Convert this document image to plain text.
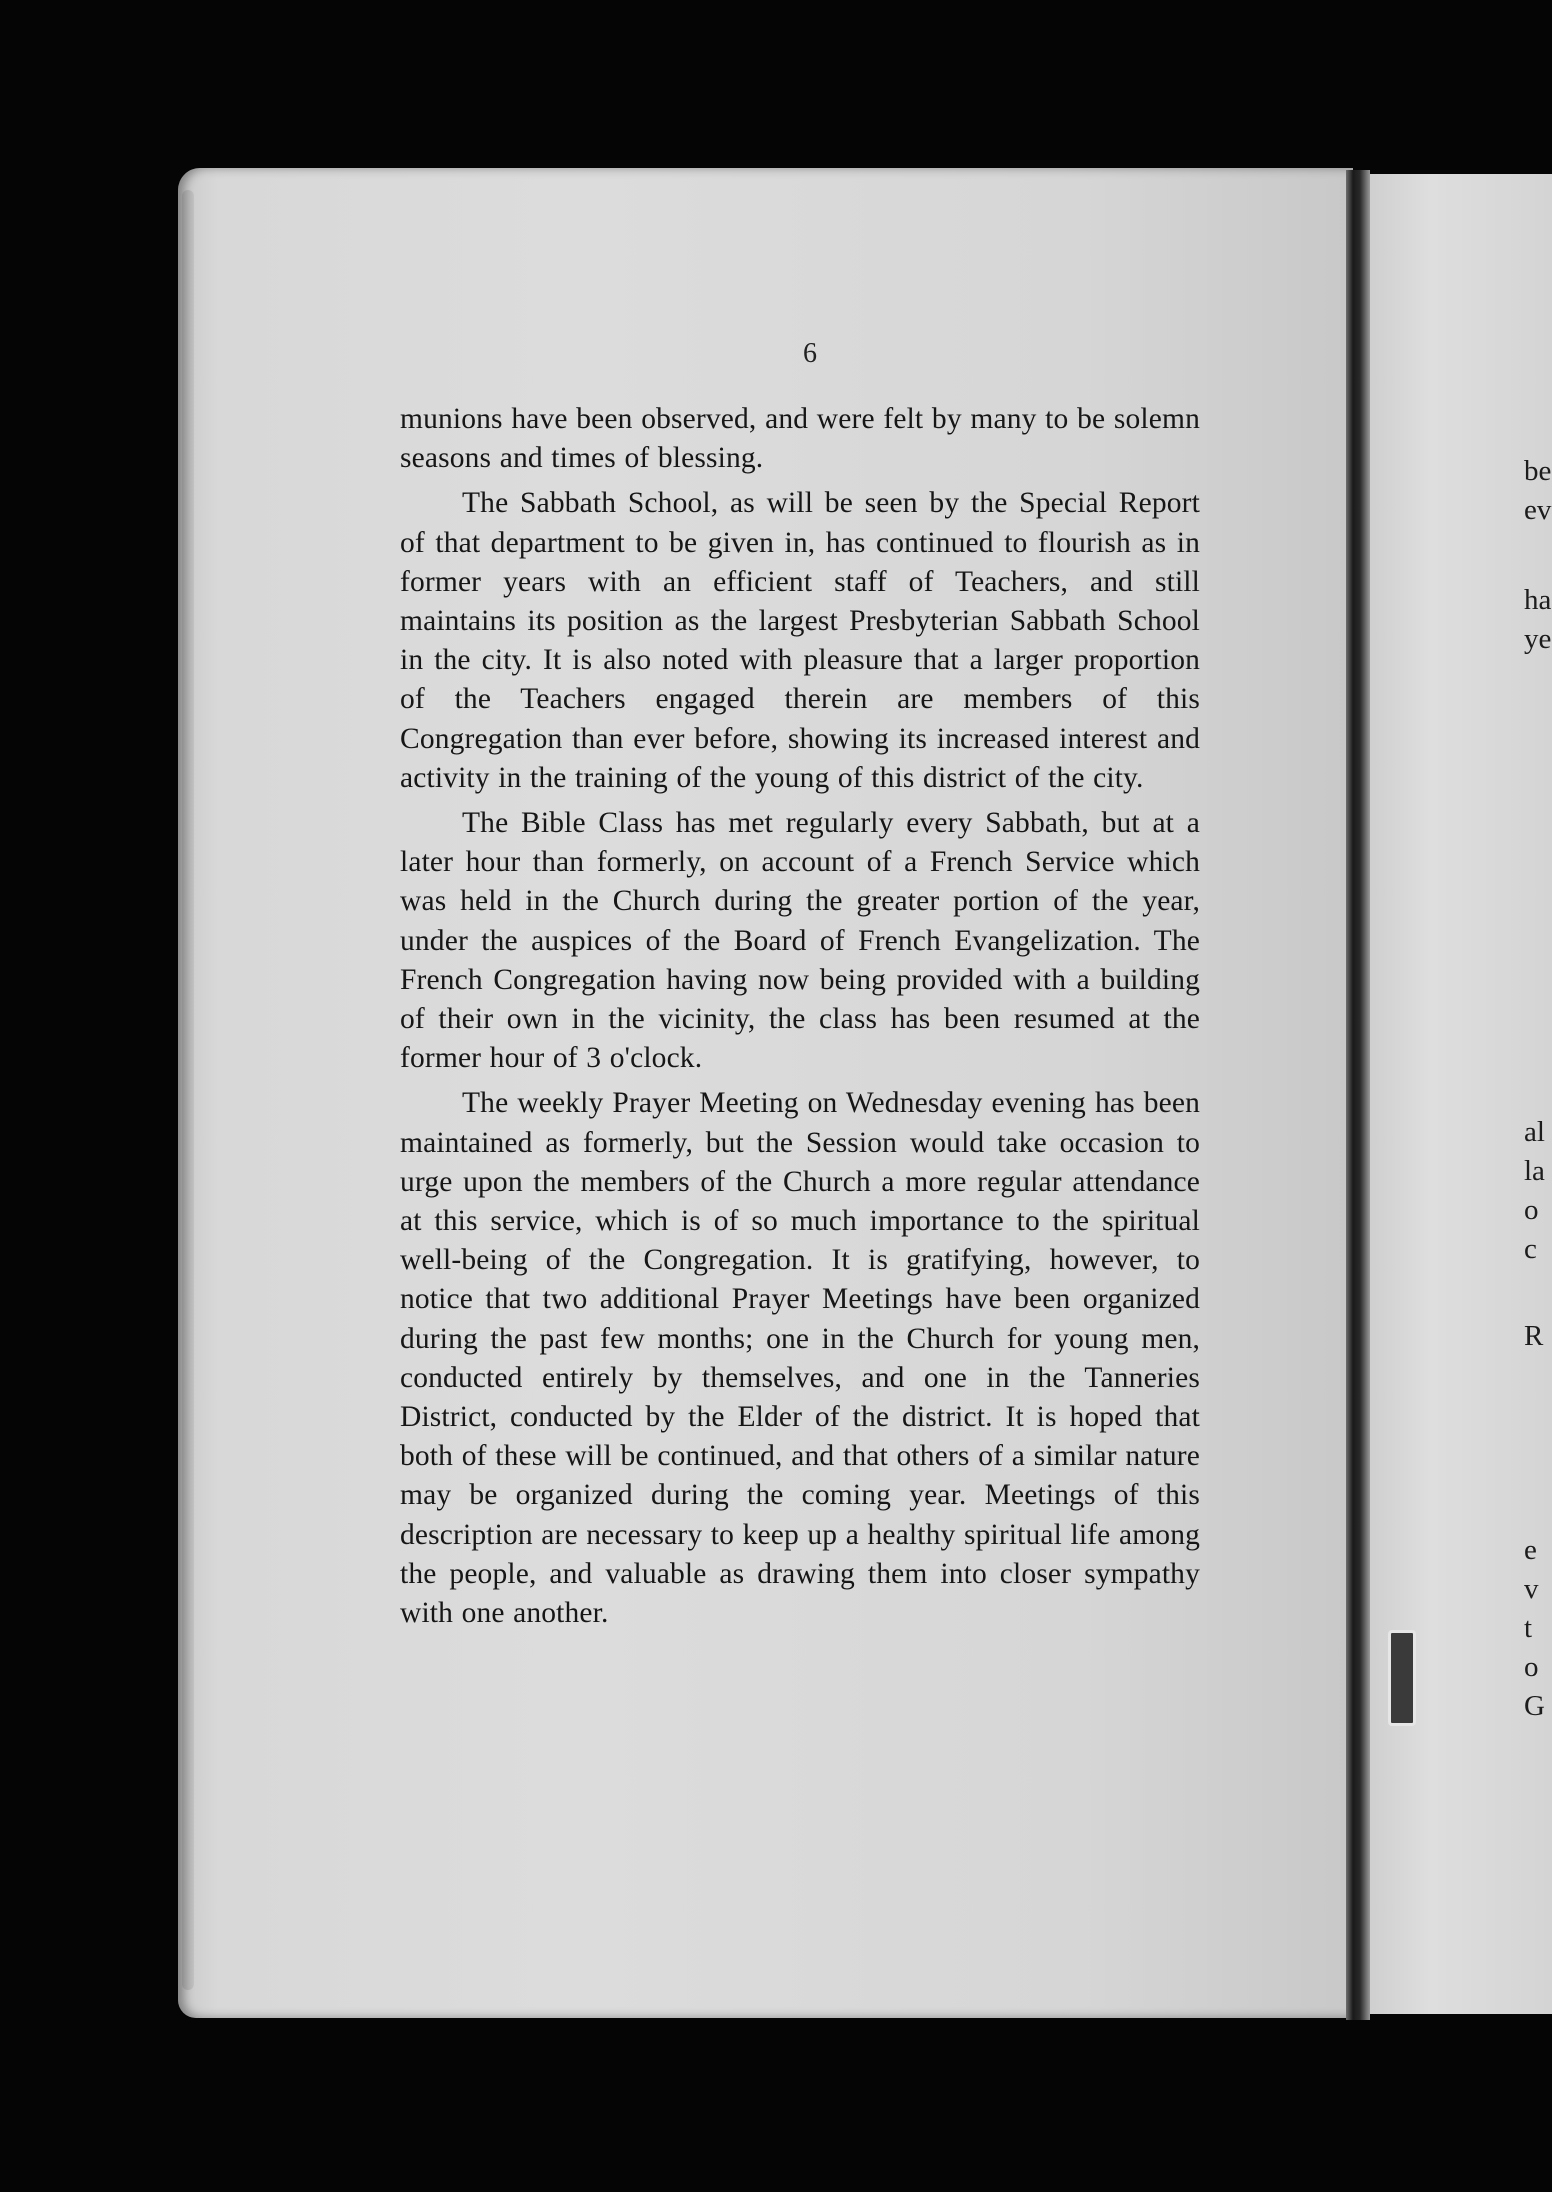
6

munions have been observed, and were felt by many to be solemn seasons and times of blessing.

The Sabbath School, as will be seen by the Special Report of that department to be given in, has continued to flourish as in former years with an efficient staff of Teachers, and still maintains its position as the largest Presbyterian Sabbath School in the city. It is also noted with pleasure that a larger proportion of the Teachers engaged therein are members of this Congregation than ever before, showing its increased interest and activity in the training of the young of this district of the city.

The Bible Class has met regularly every Sabbath, but at a later hour than formerly, on account of a French Service which was held in the Church during the greater portion of the year, under the auspices of the Board of French Evangelization. The French Congregation having now being provided with a building of their own in the vicinity, the class has been resumed at the former hour of 3 o'clock.

The weekly Prayer Meeting on Wednesday evening has been maintained as formerly, but the Session would take occasion to urge upon the members of the Church a more regular attendance at this service, which is of so much importance to the spiritual well-being of the Congregation. It is gratifying, however, to notice that two additional Prayer Meetings have been organized during the past few months; one in the Church for young men, conducted entirely by themselves, and one in the Tanneries District, conducted by the Elder of the district. It is hoped that both of these will be continued, and that others of a similar nature may be organized during the coming year. Meetings of this description are necessary to keep up a healthy spiritual life among the people, and valuable as drawing them into closer sympathy with one another.

be
ev
ha
ye
al
la
o
c
R
e
v
t
o
G
